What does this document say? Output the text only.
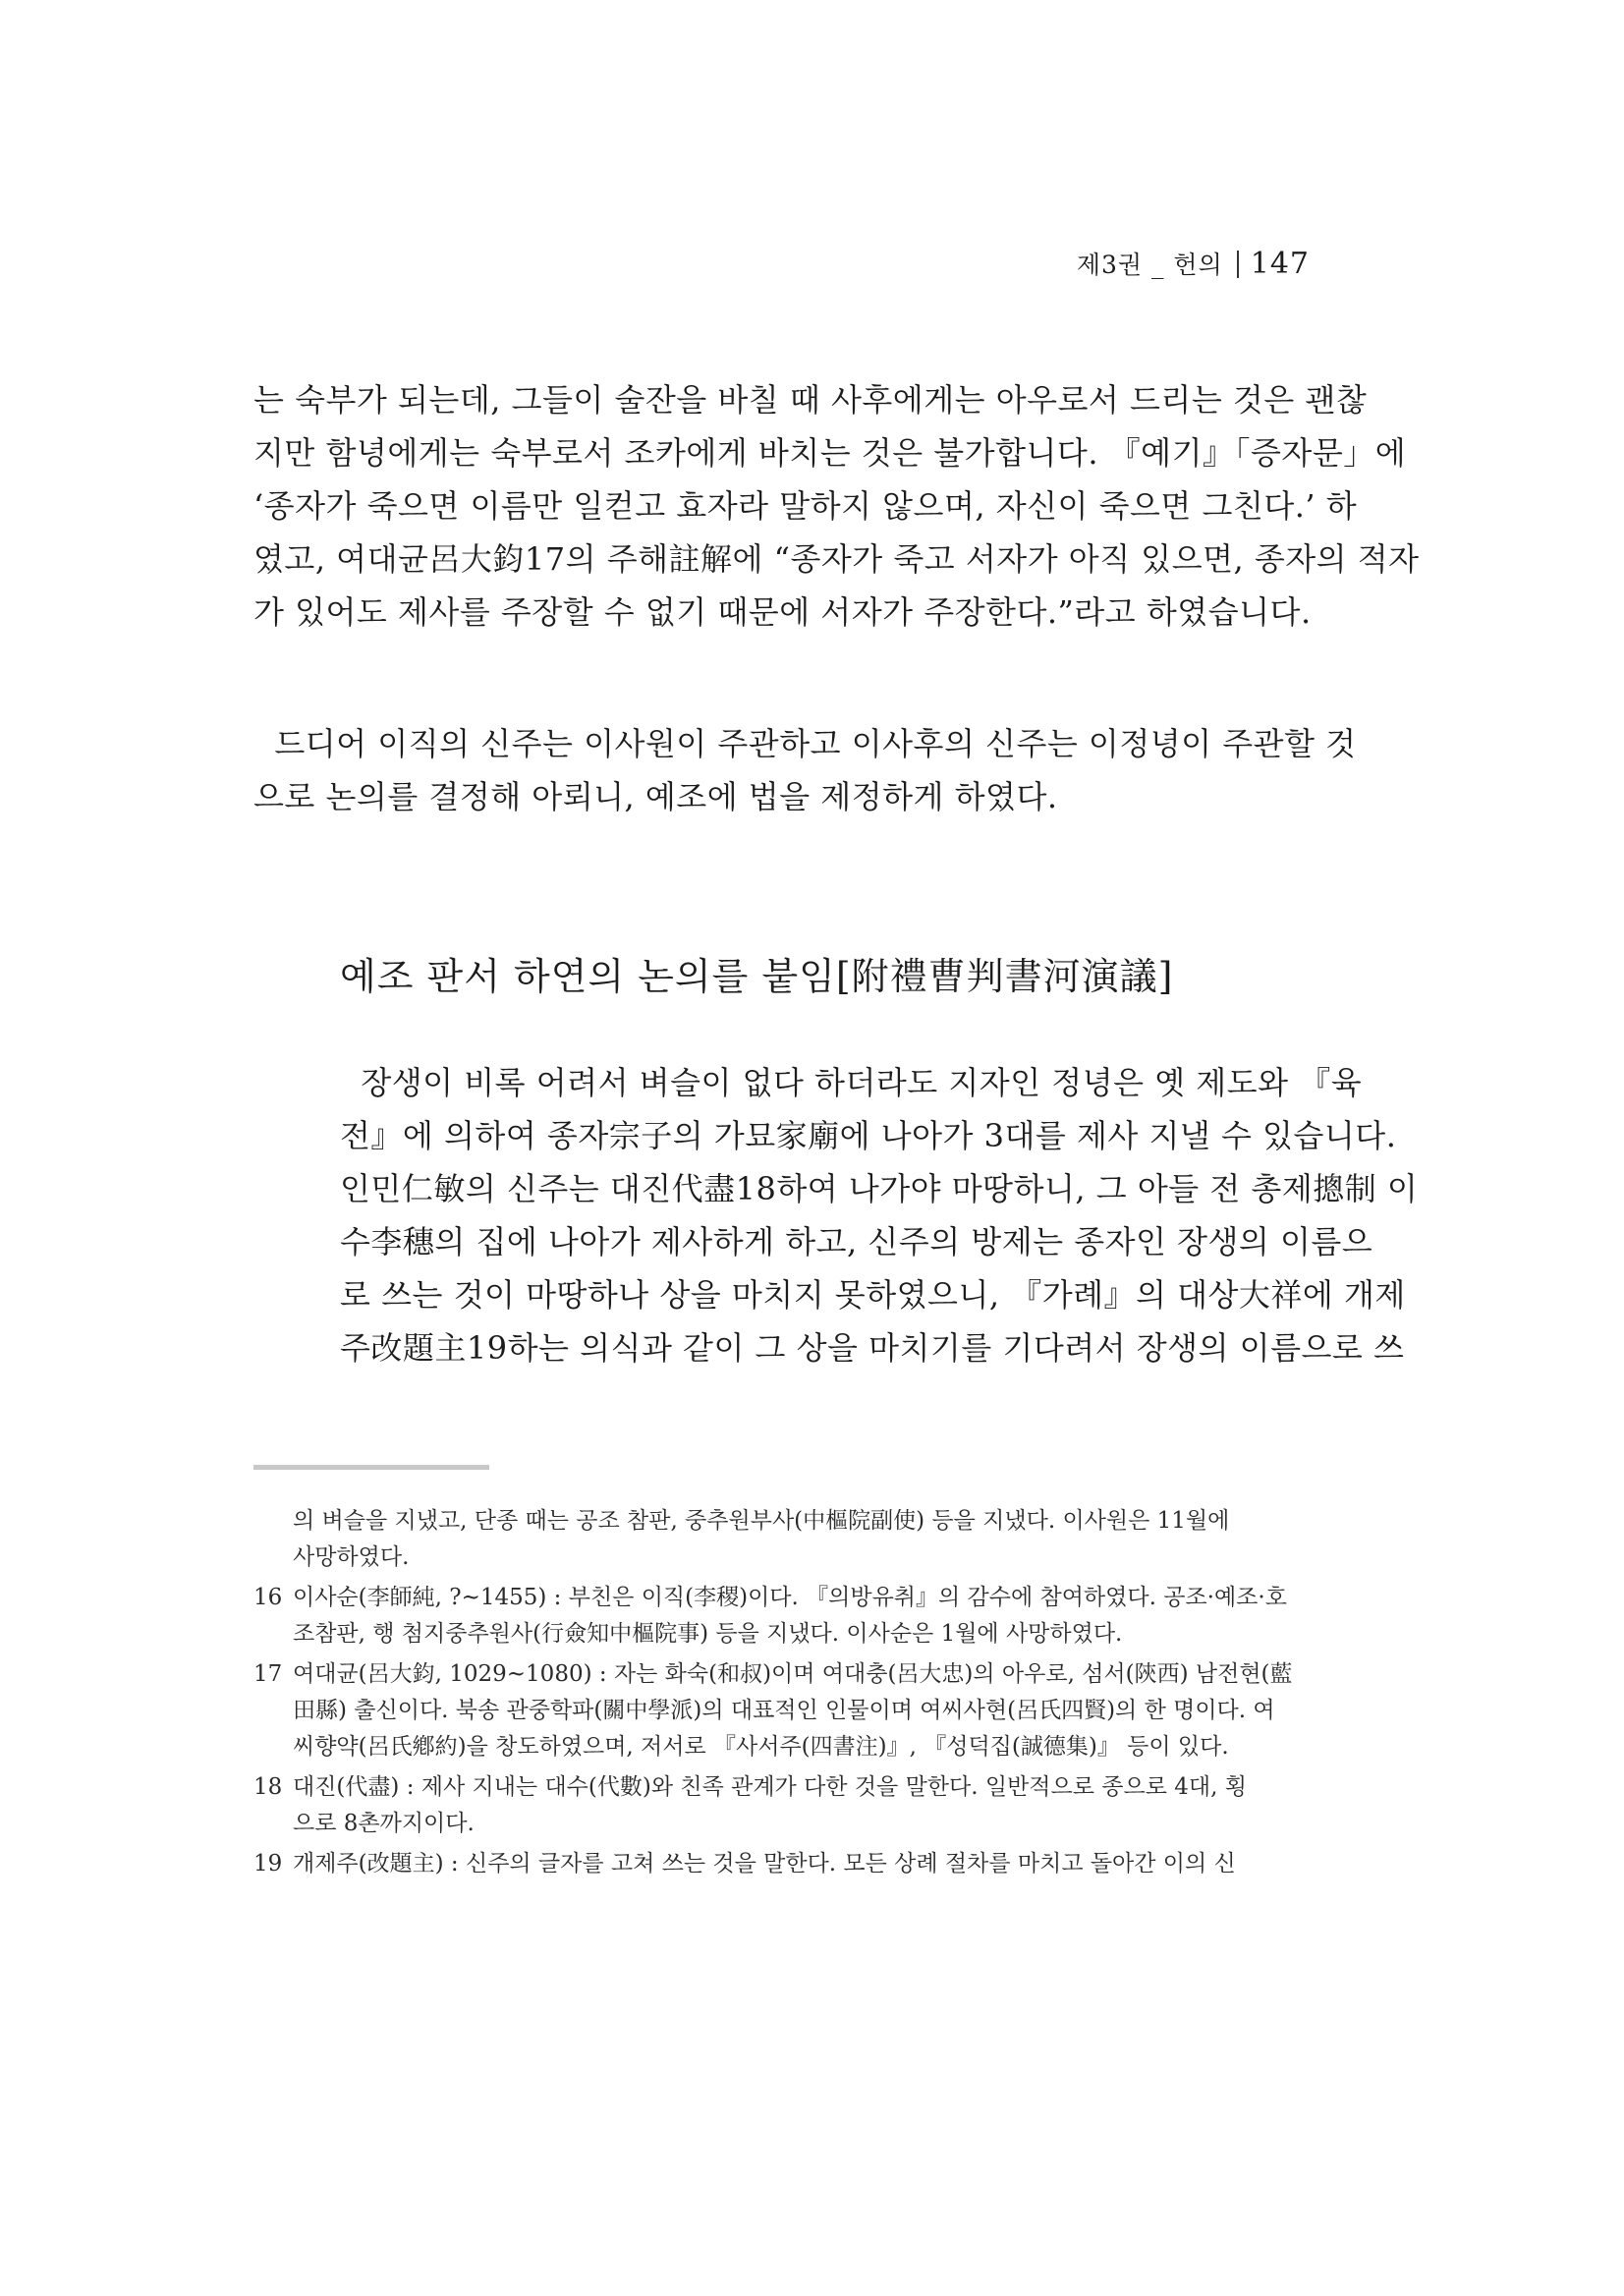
제3권 _ 헌의 147

는 숙부가 되는데, 그들이 술잔을 바칠 때 사후에게는 아우로서 드리는 것은 괜찮
지만 함녕에게는 숙부로서 조카에게 바치는 것은 불가합니다. 『예기』「증자문」에
‘종자가 죽으면 이름만 일컫고 효자라 말하지 않으며, 자신이 죽으면 그친다.’ 하
였고, 여대균呂大鈞17의 주해註解에 “종자가 죽고 서자가 아직 있으면, 종자의 적자
가 있어도 제사를 주장할 수 없기 때문에 서자가 주장한다.”라고 하였습니다.

드디어 이직의 신주는 이사원이 주관하고 이사후의 신주는 이정녕이 주관할 것
으로 논의를 결정해 아뢰니, 예조에 법을 제정하게 하였다.

예조 판서 하연의 논의를 붙임[附禮曹判書河演議]

장생이 비록 어려서 벼슬이 없다 하더라도 지자인 정녕은 옛 제도와 『육
전』에 의하여 종자宗子의 가묘家廟에 나아가 3대를 제사 지낼 수 있습니다.
인민仁敏의 신주는 대진代盡18하여 나가야 마땅하니, 그 아들 전 총제摠制 이
수李穗의 집에 나아가 제사하게 하고, 신주의 방제는 종자인 장생의 이름으
로 쓰는 것이 마땅하나 상을 마치지 못하였으니, 『가례』의 대상大祥에 개제
주改題主19하는 의식과 같이 그 상을 마치기를 기다려서 장생의 이름으로 쓰

의 벼슬을 지냈고, 단종 때는 공조 참판, 중추원부사(中樞院副使) 등을 지냈다. 이사원은 11월에
사망하였다.
16 이사순(李師純, ?~1455) : 부친은 이직(李稷)이다. 『의방유취』의 감수에 참여하였다. 공조·예조·호
조참판, 행 첨지중추원사(行僉知中樞院事) 등을 지냈다. 이사순은 1월에 사망하였다.
17 여대균(呂大鈞, 1029~1080) : 자는 화숙(和叔)이며 여대충(呂大忠)의 아우로, 섬서(陝西) 남전현(藍
田縣) 출신이다. 북송 관중학파(關中學派)의 대표적인 인물이며 여씨사현(呂氏四賢)의 한 명이다. 여
씨향약(呂氏鄕約)을 창도하였으며, 저서로 『사서주(四書注)』, 『성덕집(誠德集)』 등이 있다.
18 대진(代盡) : 제사 지내는 대수(代數)와 친족 관계가 다한 것을 말한다. 일반적으로 종으로 4대, 횡
으로 8촌까지이다.
19 개제주(改題主) : 신주의 글자를 고쳐 쓰는 것을 말한다. 모든 상례 절차를 마치고 돌아간 이의 신
